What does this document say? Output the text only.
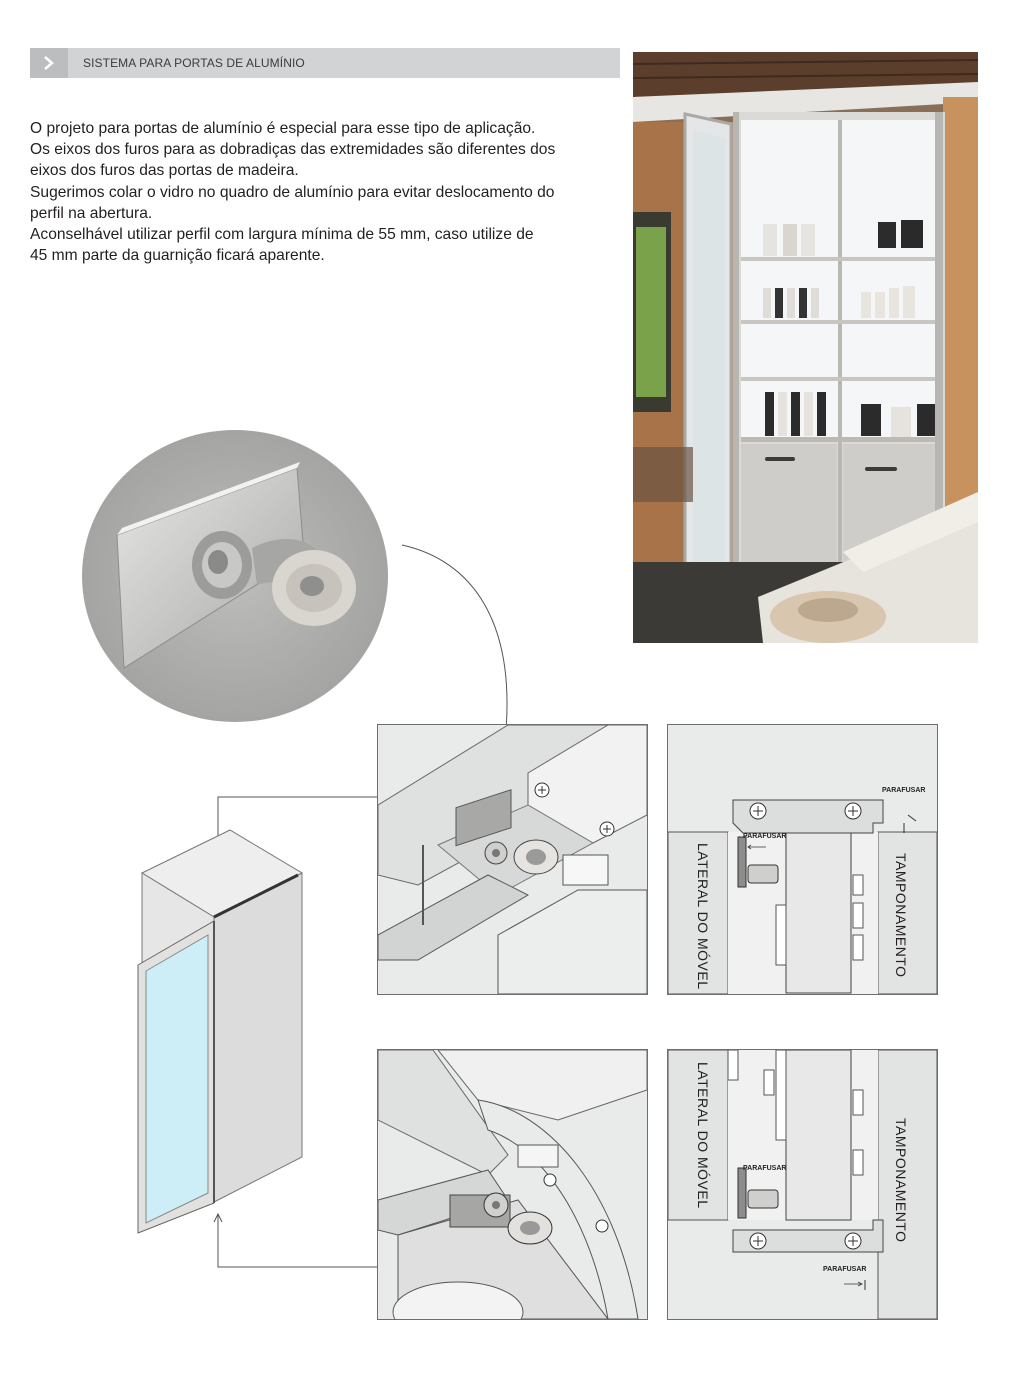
SISTEMA PARA PORTAS DE ALUMÍNIO

O projeto para portas de alumínio é especial para esse tipo de aplicação.
Os eixos dos furos para as dobradiças das extremidades são diferentes dos
eixos dos furos das portas de madeira.
Sugerimos colar o vidro no quadro de alumínio para evitar deslocamento do
perfil na abertura.
Aconselhável utilizar perfil com largura mínima de 55 mm, caso utilize de
45 mm parte da guarnição ficará aparente.

LATERAL DO MÓVEL	TAMPONAMENTO
PARAFUSAR
PARAFUSAR
LATERAL DO MÓVEL	TAMPONAMENTO
PARAFUSAR
PARAFUSAR
